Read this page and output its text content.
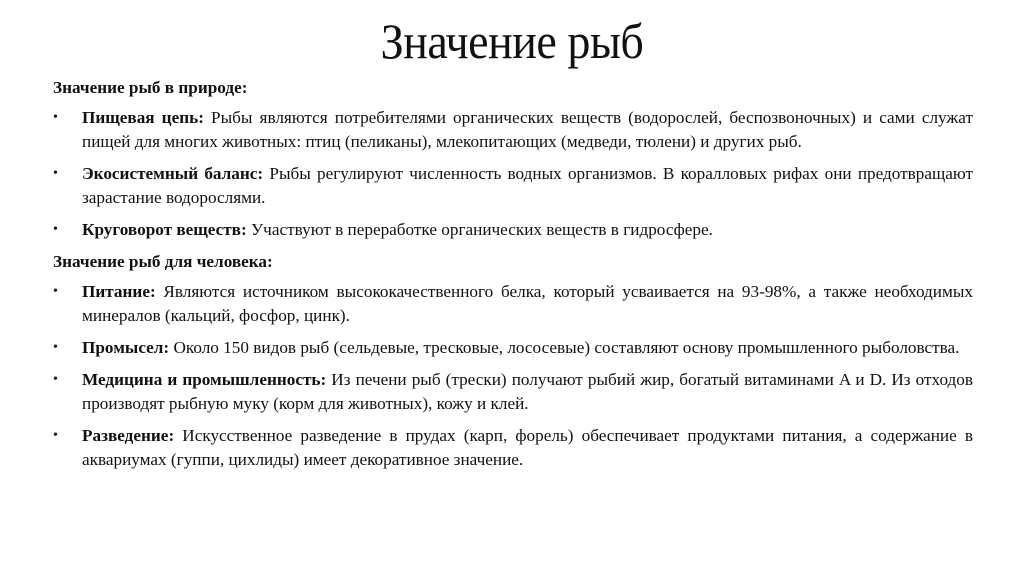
Значение рыб
Значение рыб в природе:
• Пищевая цепь: Рыбы являются потребителями органических веществ (водорослей, беспозвоночных) и сами служат пищей для многих животных: птиц (пеликаны), млекопитающих (медведи, тюлени) и других рыб.
• Экосистемный баланс: Рыбы регулируют численность водных организмов. В коралловых рифах они предотвращают зарастание водорослями.
• Круговорот веществ: Участвуют в переработке органических веществ в гидросфере.
Значение рыб для человека:
• Питание: Являются источником высококачественного белка, который усваивается на 93-98%, а также необходимых минералов (кальций, фосфор, цинк).
• Промысел: Около 150 видов рыб (сельдевые, тресковые, лососевые) составляют основу промышленного рыболовства.
• Медицина и промышленность: Из печени рыб (трески) получают рыбий жир, богатый витаминами A и D. Из отходов производят рыбную муку (корм для животных), кожу и клей.
• Разведение: Искусственное разведение в прудах (карп, форель) обеспечивает продуктами питания, а содержание в аквариумах (гуппи, цихлиды) имеет декоративное значение.
